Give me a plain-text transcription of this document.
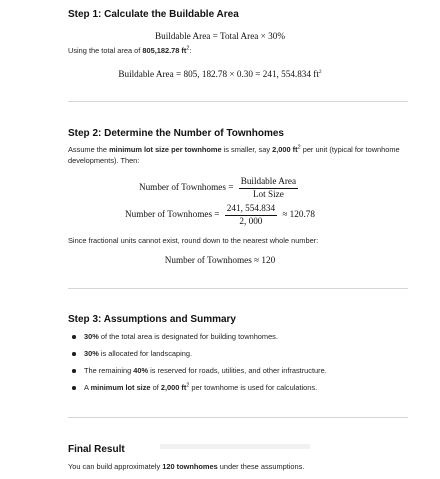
Step 1: Calculate the Buildable Area
Buildable Area = Total Area × 30%

Using the total area of 805,182.78 $ft^2$:

Buildable Area = 805, 182.78 × 0.30 = 241, 554.834 $ft^2$
Step 2: Determine the Number of Townhomes

Assume the minimum lot size per townhome is smaller, say 2,000 $ft^2$ per unit (typical for townhome developments). Then:

Number of Townhomes = $\frac{\text{Buildable Area}}{\text{Lot Size}}$
Number of Townhomes = $\frac{241, 554.834}{2, 000} \approx 120.78$

Since fractional units cannot exist, round down to the nearest whole number:

Number of Townhomes ≈ 120
Step 3: Assumptions and Summary
30% of the total area is designated for building townhomes.
30% is allocated for landscaping.
The remaining 40% is reserved for roads, utilities, and other infrastructure.
A minimum lot size of 2,000 $ft^2$ per townhome is used for calculations.
Final Result

You can build approximately 120 townhomes under these assumptions.
